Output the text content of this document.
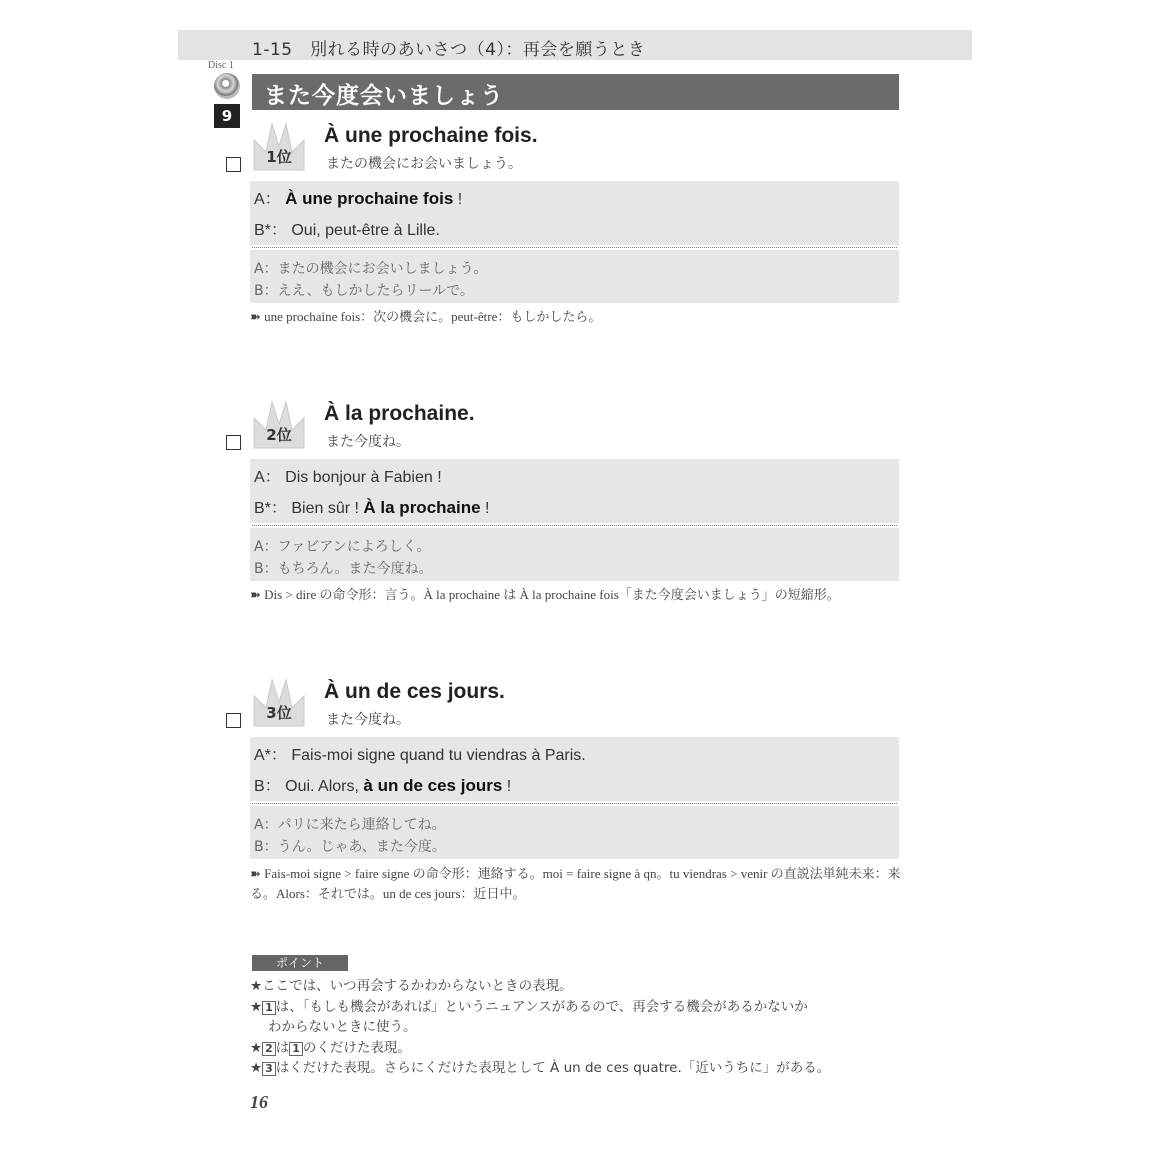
1-15　別れる時のあいさつ（4）：再会を願うとき
Disc 1
9
また今度会いましょう
1位
À une prochaine fois.
またの機会にお会いましょう。
A： À une prochaine fois !
B*： Oui, peut-être à Lille.
A：またの機会にお会いしましょう。
B：ええ、もしかしたらリールで。
➽ une prochaine fois：次の機会に。peut-être：もしかしたら。
2位
À la prochaine.
また今度ね。
A： Dis bonjour à Fabien !
B*： Bien sûr ! À la prochaine !
A：ファビアンによろしく。
B：もちろん。また今度ね。
➽ Dis > dire の命令形：言う。À la prochaine は À la prochaine fois「また今度会いましょう」の短縮形。
3位
À un de ces jours.
また今度ね。
A*： Fais-moi signe quand tu viendras à Paris.
B： Oui. Alors, à un de ces jours !
A：パリに来たら連絡してね。
B：うん。じゃあ、また今度。
➽ Fais-moi signe > faire signe の命令形：連絡する。moi = faire signe à qn。tu viendras > venir の直説法単純未来：来る。Alors：それでは。un de ces jours：近日中。
ポイント
★ここでは、いつ再会するかわからないときの表現。
★ 1 は、「もしも機会があれば」というニュアンスがあるので、再会する機会があるかないか
わからないときに使う。
★ 2 は 1 のくだけた表現。
★ 3 はくだけた表現。さらにくだけた表現として À un de ces quatre.「近いうちに」がある。
16
